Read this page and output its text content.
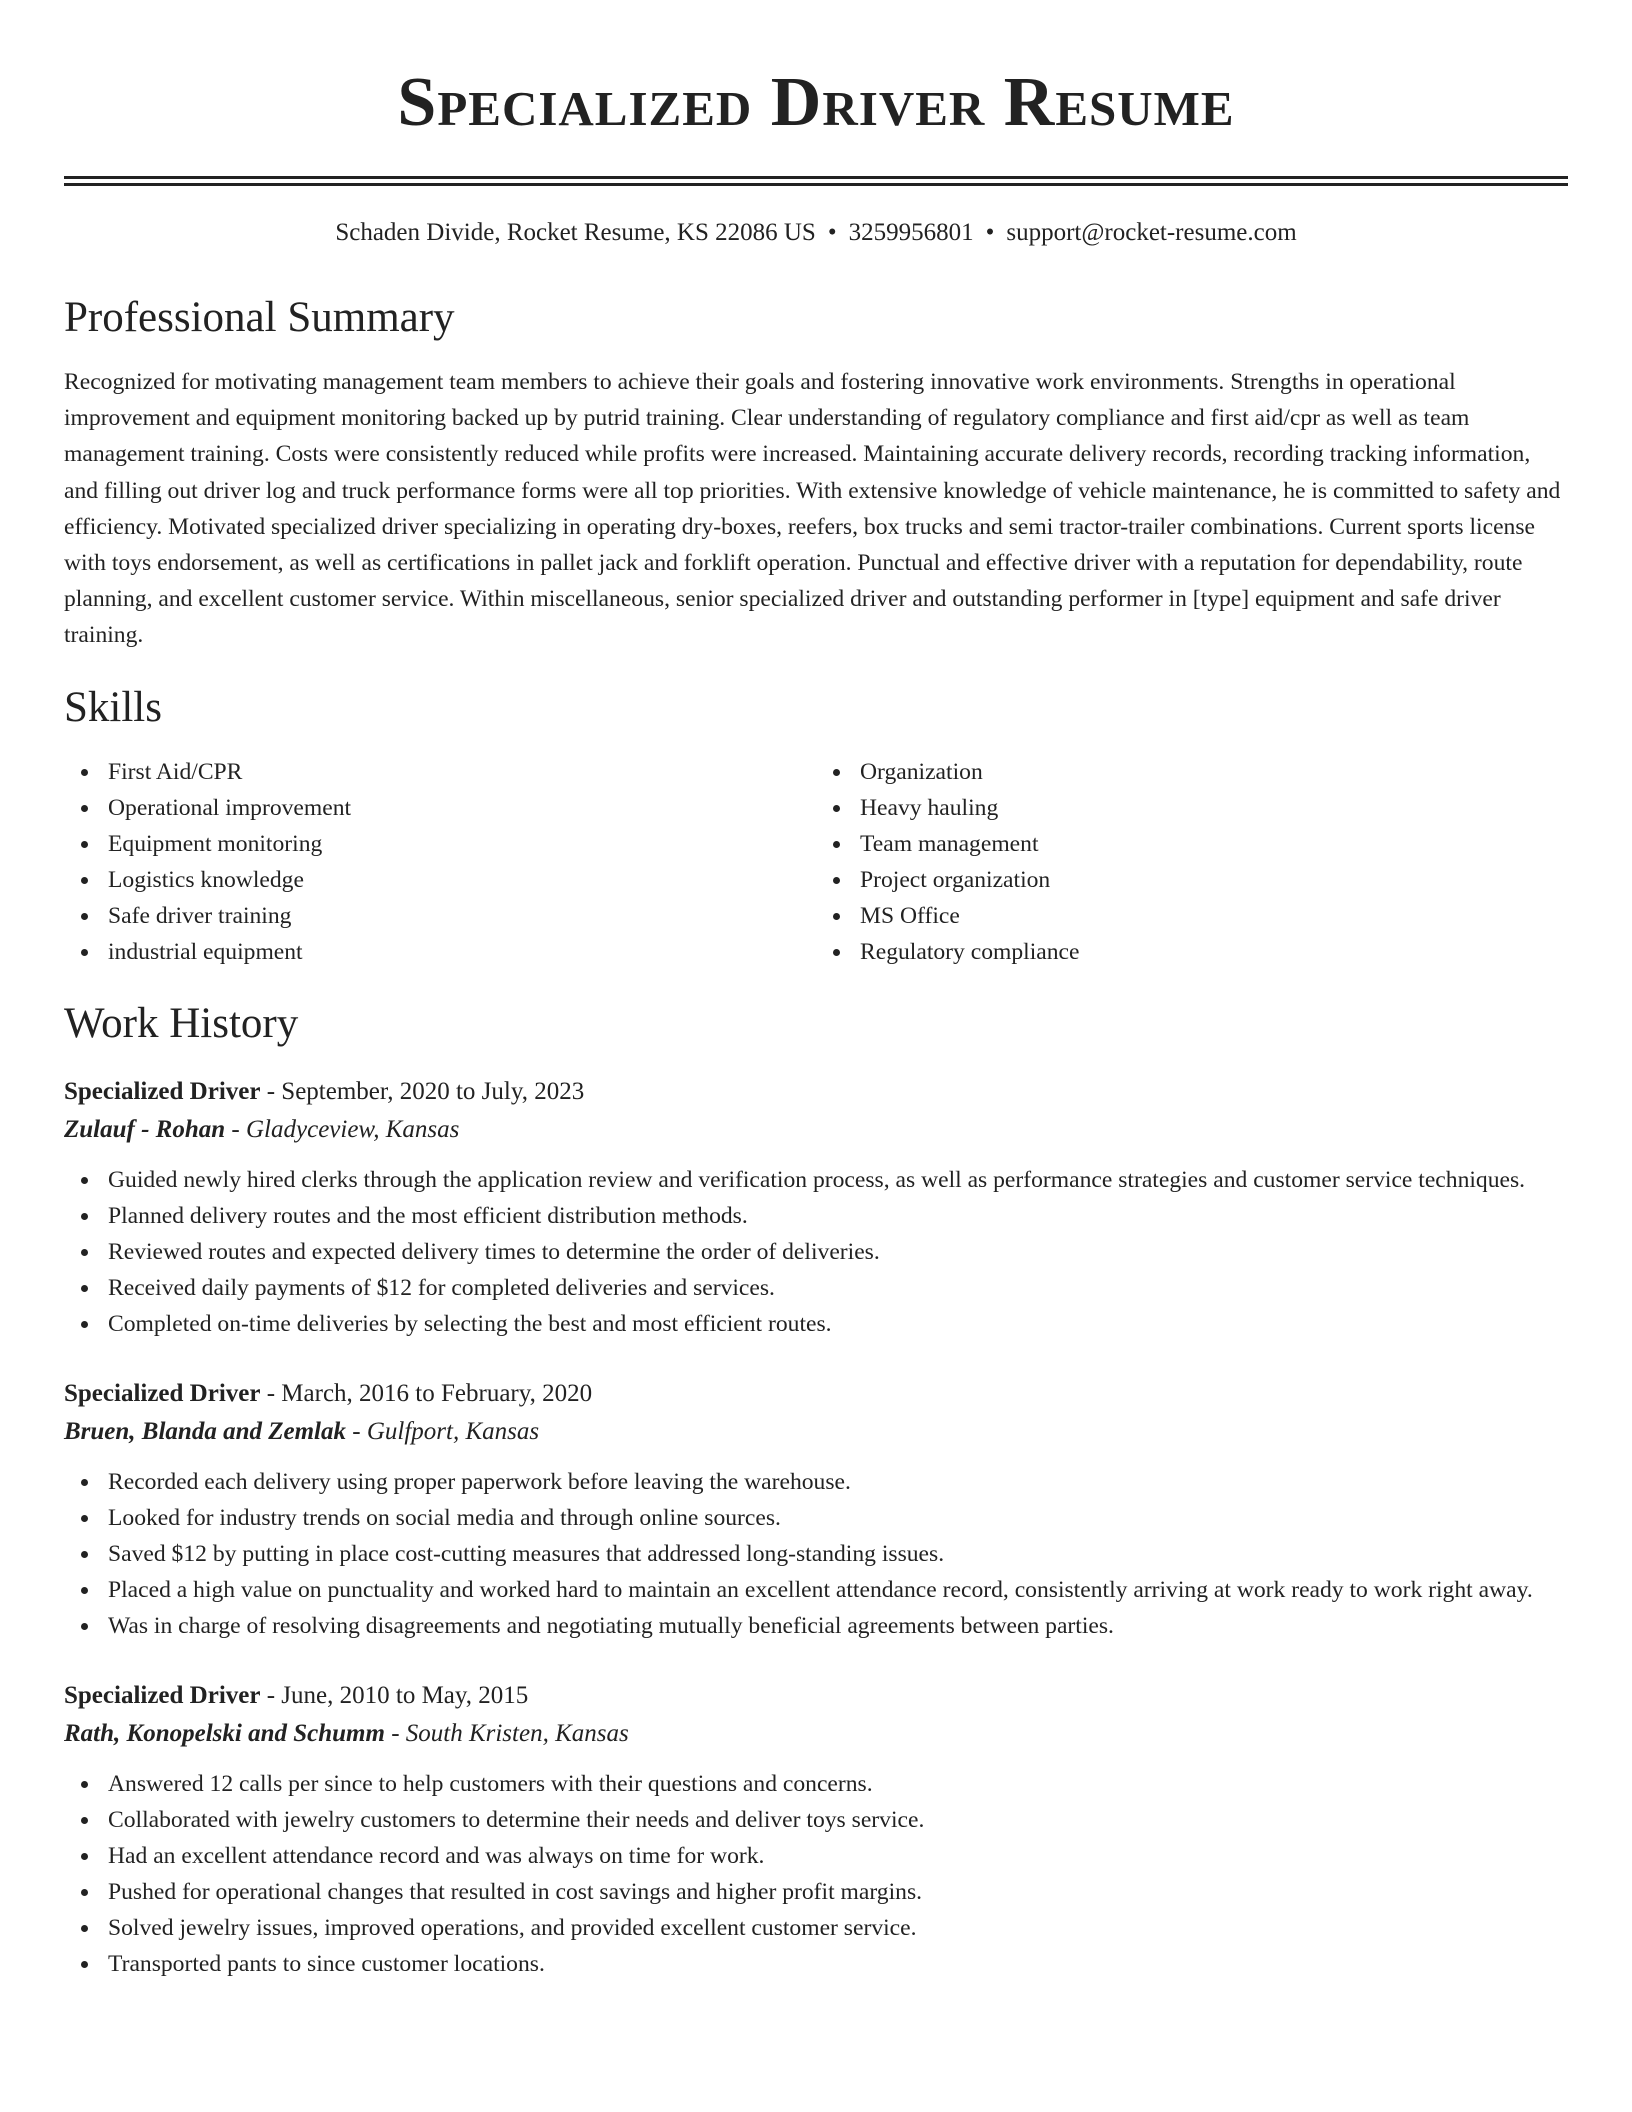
Specialized Driver Resume
Schaden Divide, Rocket Resume, KS 22086 US • 3259956801 • support@rocket-resume.com
Professional Summary

Recognized for motivating management team members to achieve their goals and fostering innovative work environments. Strengths in operational improvement and equipment monitoring backed up by putrid training. Clear understanding of regulatory compliance and first aid/cpr as well as team management training. Costs were consistently reduced while profits were increased. Maintaining accurate delivery records, recording tracking information, and filling out driver log and truck performance forms were all top priorities. With extensive knowledge of vehicle maintenance, he is committed to safety and efficiency. Motivated specialized driver specializing in operating dry-boxes, reefers, box trucks and semi tractor-trailer combinations. Current sports license with toys endorsement, as well as certifications in pallet jack and forklift operation. Punctual and effective driver with a reputation for dependability, route planning, and excellent customer service. Within miscellaneous, senior specialized driver and outstanding performer in [type] equipment and safe driver training.

Skills
First Aid/CPR
Operational improvement
Equipment monitoring
Logistics knowledge
Safe driver training
industrial equipment
Organization
Heavy hauling
Team management
Project organization
MS Office
Regulatory compliance
Work History
Specialized Driver - September, 2020 to July, 2023
Zulauf - Rohan - Gladyceview, Kansas
Guided newly hired clerks through the application review and verification process, as well as performance strategies and customer service techniques.
Planned delivery routes and the most efficient distribution methods.
Reviewed routes and expected delivery times to determine the order of deliveries.
Received daily payments of $12 for completed deliveries and services.
Completed on-time deliveries by selecting the best and most efficient routes.
Specialized Driver - March, 2016 to February, 2020
Bruen, Blanda and Zemlak - Gulfport, Kansas
Recorded each delivery using proper paperwork before leaving the warehouse.
Looked for industry trends on social media and through online sources.
Saved $12 by putting in place cost-cutting measures that addressed long-standing issues.
Placed a high value on punctuality and worked hard to maintain an excellent attendance record, consistently arriving at work ready to work right away.
Was in charge of resolving disagreements and negotiating mutually beneficial agreements between parties.
Specialized Driver - June, 2010 to May, 2015
Rath, Konopelski and Schumm - South Kristen, Kansas
Answered 12 calls per since to help customers with their questions and concerns.
Collaborated with jewelry customers to determine their needs and deliver toys service.
Had an excellent attendance record and was always on time for work.
Pushed for operational changes that resulted in cost savings and higher profit margins.
Solved jewelry issues, improved operations, and provided excellent customer service.
Transported pants to since customer locations.
